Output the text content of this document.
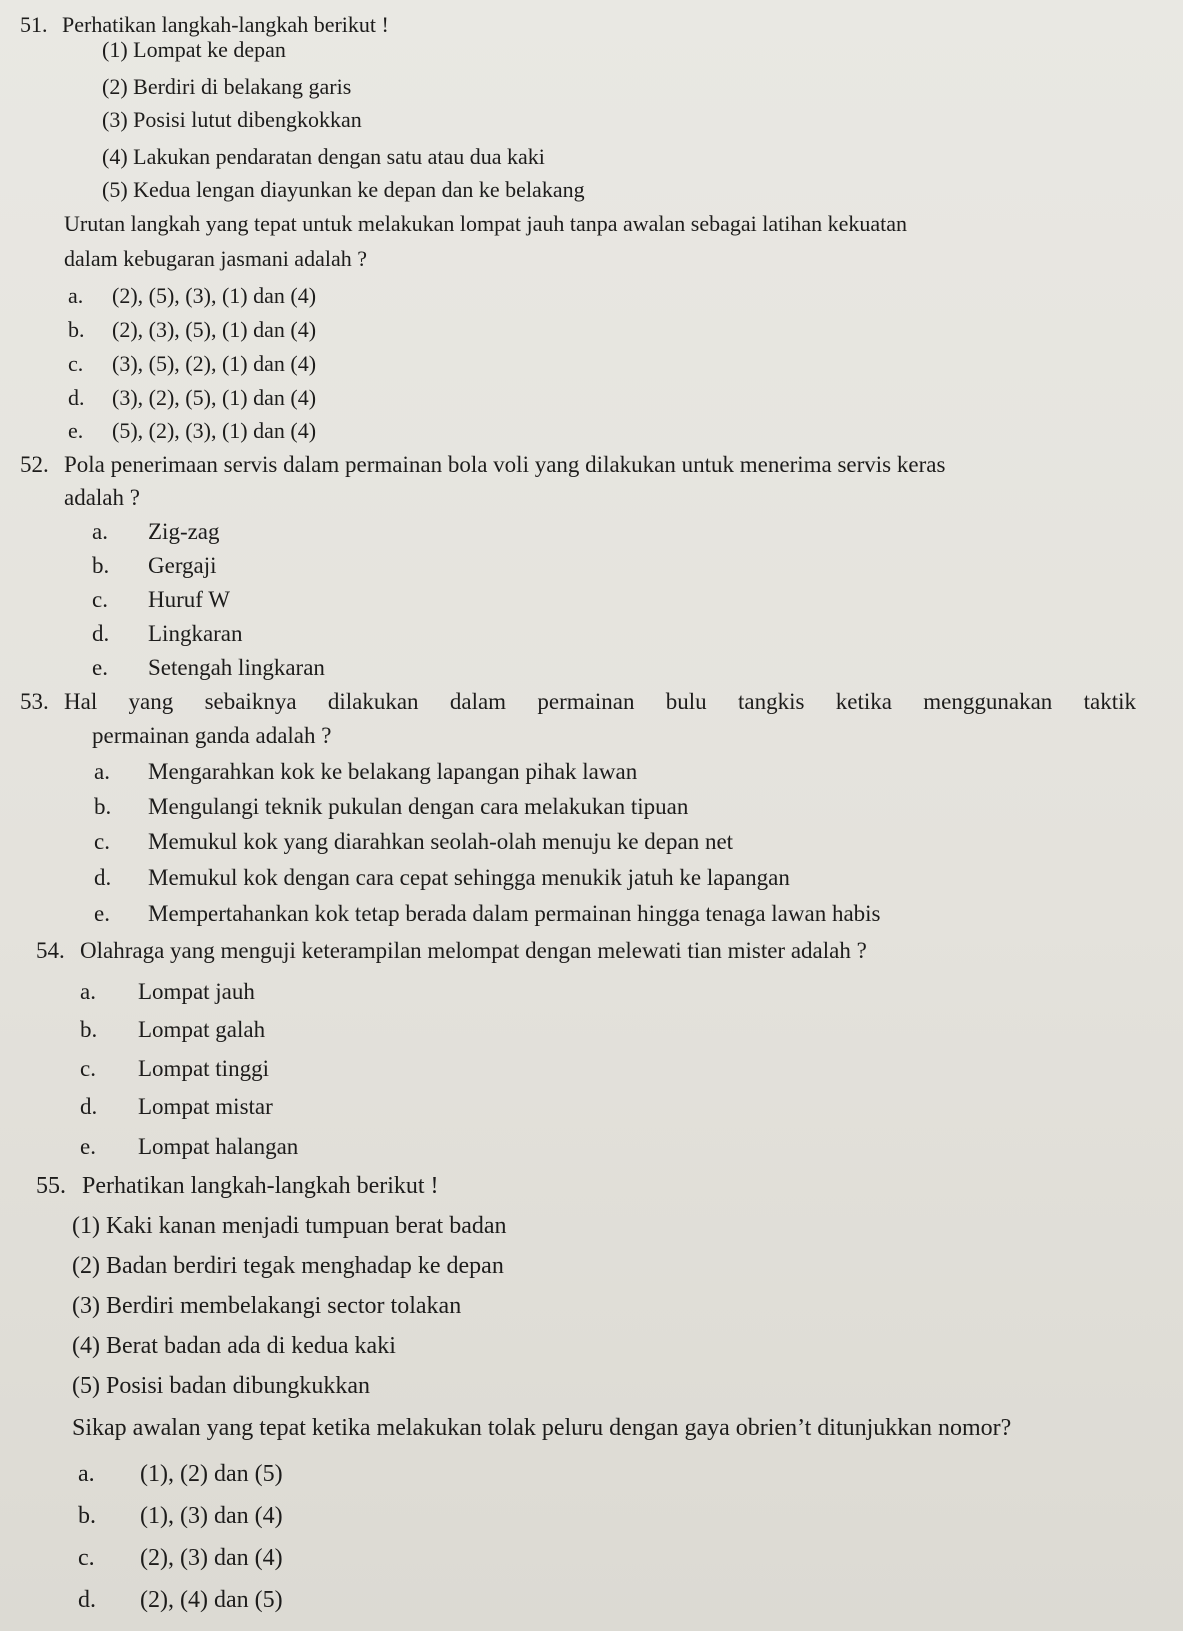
51. Perhatikan langkah-langkah berikut !
(1) Lompat ke depan
(2) Berdiri di belakang garis
(3) Posisi lutut dibengkokkan
(4) Lakukan pendaratan dengan satu atau dua kaki
(5) Kedua lengan diayunkan ke depan dan ke belakang
Urutan langkah yang tepat untuk melakukan lompat jauh tanpa awalan sebagai latihan kekuatan
dalam kebugaran jasmani adalah ?
a. (2), (5), (3), (1) dan (4)
b. (2), (3), (5), (1) dan (4)
c. (3), (5), (2), (1) dan (4)
d. (3), (2), (5), (1) dan (4)
e. (5), (2), (3), (1) dan (4)
52. Pola penerimaan servis dalam permainan bola voli yang dilakukan untuk menerima servis keras
adalah ?
a. Zig-zag
b. Gergaji
c. Huruf W
d. Lingkaran
e. Setengah lingkaran
53. Hal yang sebaiknya dilakukan dalam permainan bulu tangkis ketika menggunakan taktik
permainan ganda adalah ?
a. Mengarahkan kok ke belakang lapangan pihak lawan
b. Mengulangi teknik pukulan dengan cara melakukan tipuan
c. Memukul kok yang diarahkan seolah-olah menuju ke depan net
d. Memukul kok dengan cara cepat sehingga menukik jatuh ke lapangan
e. Mempertahankan kok tetap berada dalam permainan hingga tenaga lawan habis
54. Olahraga yang menguji keterampilan melompat dengan melewati tian mister adalah ?
a. Lompat jauh
b. Lompat galah
c. Lompat tinggi
d. Lompat mistar
e. Lompat halangan
55. Perhatikan langkah-langkah berikut !
(1) Kaki kanan menjadi tumpuan berat badan
(2) Badan berdiri tegak menghadap ke depan
(3) Berdiri membelakangi sector tolakan
(4) Berat badan ada di kedua kaki
(5) Posisi badan dibungkukkan
Sikap awalan yang tepat ketika melakukan tolak peluru dengan gaya obrien’t ditunjukkan nomor?
a. (1), (2) dan (5)
b. (1), (3) dan (4)
c. (2), (3) dan (4)
d. (2), (4) dan (5)
